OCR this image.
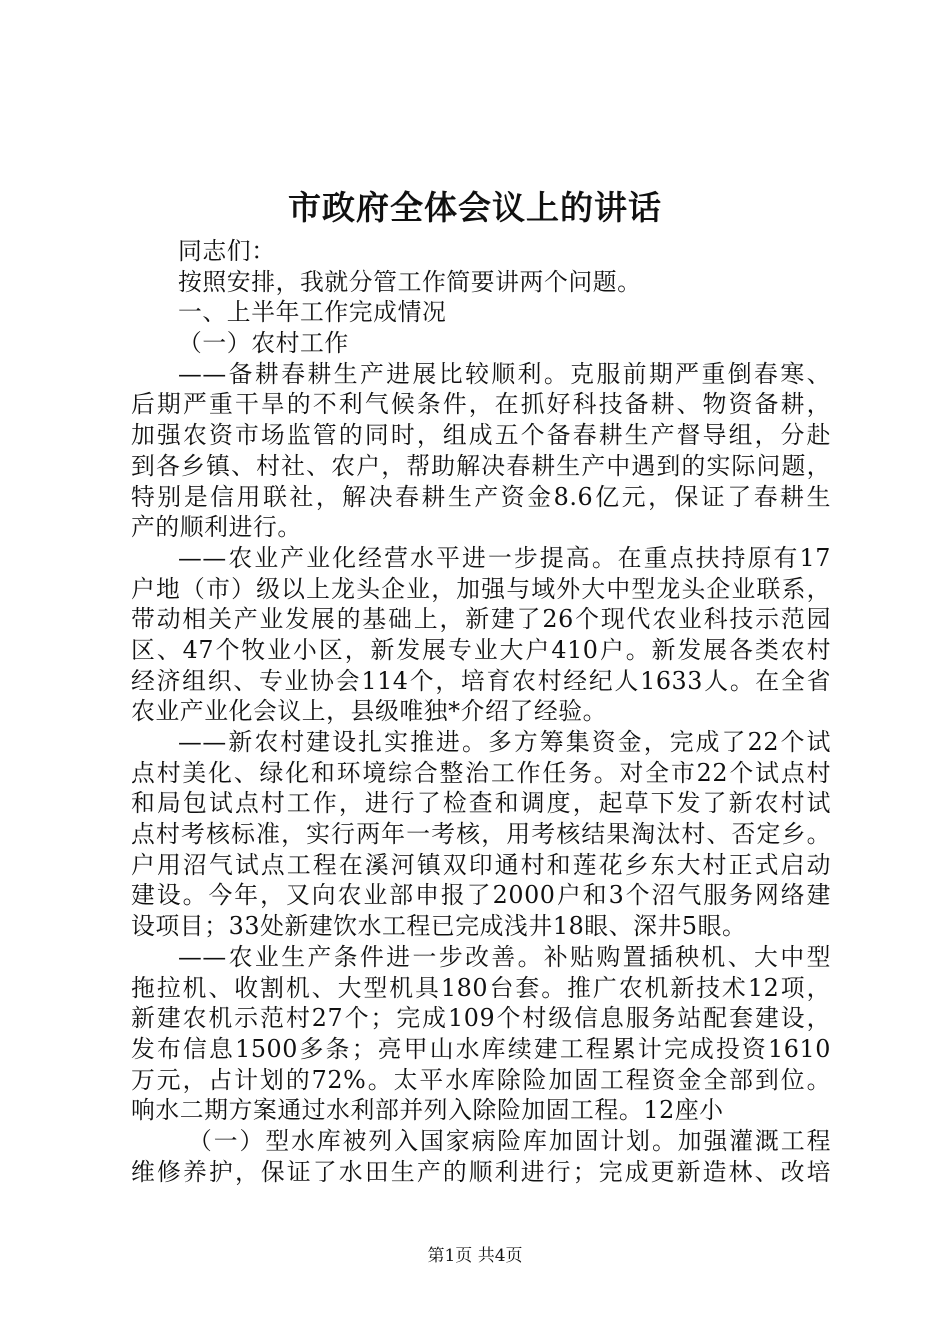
市政府全体会议上的讲话
同志们：
按照安排，我就分管工作简要讲两个问题。
一、上半年工作完成情况
（一）农村工作
——备耕春耕生产进展比较顺利。克服前期严重倒春寒、
后期严重干旱的不利气候条件，在抓好科技备耕、物资备耕，
加强农资市场监管的同时，组成五个备春耕生产督导组，分赴
到各乡镇、村社、农户，帮助解决春耕生产中遇到的实际问题，
特别是信用联社，解决春耕生产资金8.6亿元，保证了春耕生
产的顺利进行。
——农业产业化经营水平进一步提高。在重点扶持原有17
户地（市）级以上龙头企业，加强与域外大中型龙头企业联系，
带动相关产业发展的基础上，新建了26个现代农业科技示范园
区、47个牧业小区，新发展专业大户410户。新发展各类农村
经济组织、专业协会114个，培育农村经纪人1633人。在全省
农业产业化会议上，县级唯独*介绍了经验。
——新农村建设扎实推进。多方筹集资金，完成了22个试
点村美化、绿化和环境综合整治工作任务。对全市22个试点村
和局包试点村工作，进行了检查和调度，起草下发了新农村试
点村考核标准，实行两年一考核，用考核结果淘汰村、否定乡。
户用沼气试点工程在溪河镇双印通村和莲花乡东大村正式启动
建设。今年，又向农业部申报了2000户和3个沼气服务网络建
设项目；33处新建饮水工程已完成浅井18眼、深井5眼。
——农业生产条件进一步改善。补贴购置插秧机、大中型
拖拉机、收割机、大型机具180台套。推广农机新技术12项，
新建农机示范村27个；完成109个村级信息服务站配套建设，
发布信息1500多条；亮甲山水库续建工程累计完成投资1610
万元，占计划的72%。太平水库除险加固工程资金全部到位。
响水二期方案通过水利部并列入除险加固工程。12座小
（一）型水库被列入国家病险库加固计划。加强灌溉工程
维修养护，保证了水田生产的顺利进行；完成更新造林、改培
第1页 共4页
